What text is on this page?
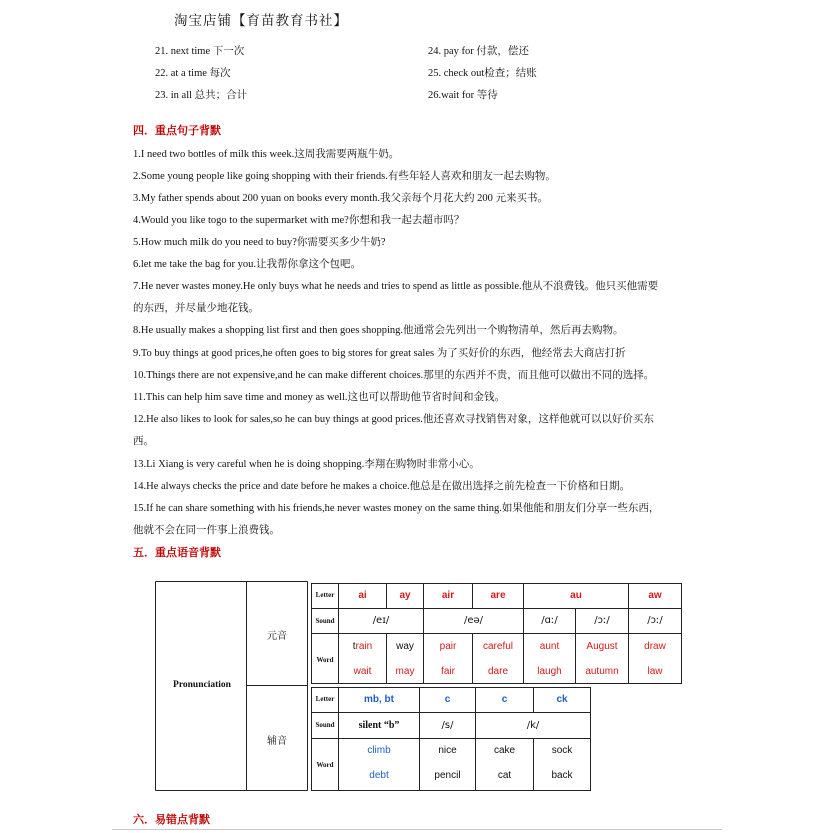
淘宝店铺【育苗教育书社】
21. next time 下一次
22. at a time 每次
23. in all 总共；合计
24. pay for 付款，偿还
25. check out检查；结账
26.wait for 等待
四．重点句子背默
1.I need two bottles of milk this week.这周我需要两瓶牛奶。
2.Some young people like going shopping with their friends.有些年轻人喜欢和朋友一起去购物。
3.My father spends about 200 yuan on books every month.我父亲每个月花大约 200 元来买书。
4.Would you like togo to the supermarket with me?你想和我一起去超市吗？
5.How much milk do you need to buy?你需要买多少牛奶?
6.let me take the bag for you.让我帮你拿这个包吧。
7.He never wastes money.He only buys what he needs and tries to spend as little as possible.他从不浪费钱。他只买他需要
的东西，并尽量少地花钱。
8.He usually makes a shopping list first and then goes shopping.他通常会先列出一个购物清单，然后再去购物。
9.To buy things at good prices,he often goes to big stores for great sales 为了买好价的东西，他经常去大商店打折
10.Things there are not expensive,and he can make different choices.那里的东西并不贵，而且他可以做出不同的选择。
11.This can help him save time and money as well.这也可以帮助他节省时间和金钱。
12.He also likes to look for sales,so he can buy things at good prices.他还喜欢寻找销售对象，这样他就可以以好价买东
西。
13.Li Xiang is very careful when he is doing shopping.李翔在购物时非常小心。
14.He always checks the price and date before he makes a choice.他总是在做出选择之前先检查一下价格和日期。
15.If he can share something with his friends,he never wastes money on the same thing.如果他能和朋友们分享一些东西，
他就不会在同一件事上浪费钱。
五．重点语音背默
Pronunciation
元音
辅音
Letter
Sound
Word
ai	ay	air	are	au	aw
/eɪ/	/eə/	/ɑː/	/ɔː/	/ɔː/
train	way	pair	careful	aunt	August	draw
wait	may	fair	dare	laugh	autumn	law
Letter
Sound
Word
mb, bt	c	c	ck
silent “b”	/s/	/k/
climb	nice	cake	sock
debt	pencil	cat	back
六．易错点背默
